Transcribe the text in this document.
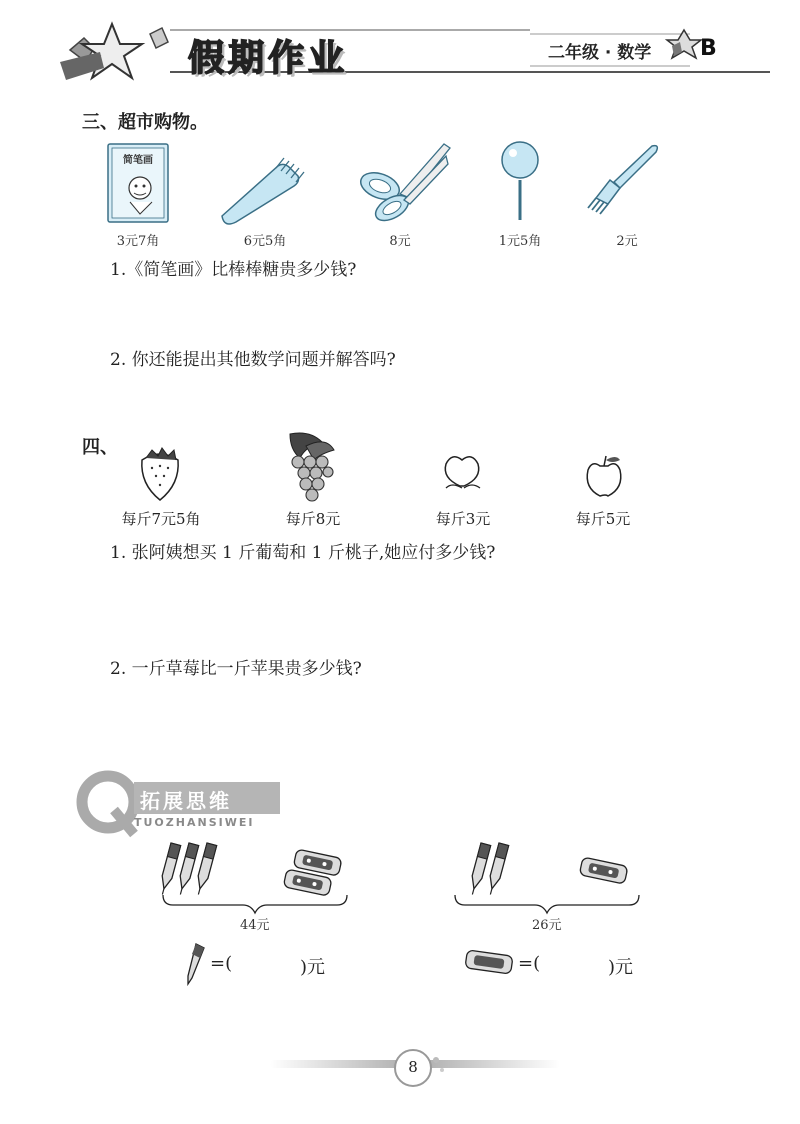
假期作业	二年级 · 数学 B
三、超市购物。
简笔画
3元7角	6元5角	8元	1元5角	2元
1.《简笔画》比棒棒糖贵多少钱?
2. 你还能提出其他数学问题并解答吗?
四、
每斤7元5角	每斤8元	每斤3元	每斤5元
1. 张阿姨想买 1 斤葡萄和 1 斤桃子,她应付多少钱?
2. 一斤草莓比一斤苹果贵多少钱?
拓展思维
TUOZHANSIWEI
44元	26元
=(	)元	=(	)元
8
